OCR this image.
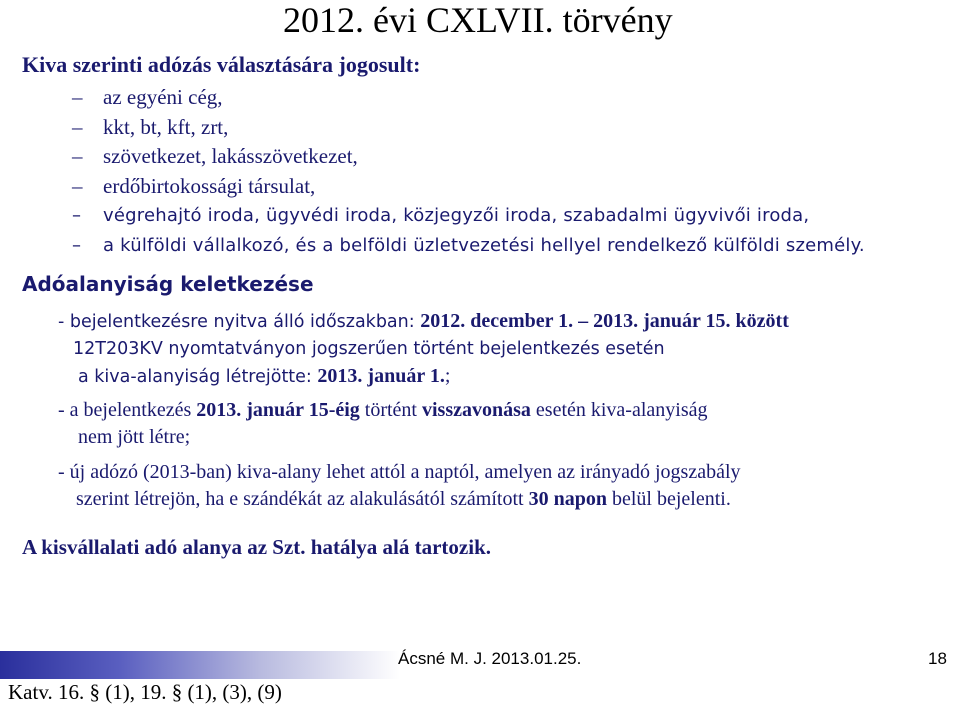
2012. évi CXLVII. törvény
Kiva szerinti adózás választására jogosult:
– az egyéni cég,
– kkt, bt, kft, zrt,
– szövetkezet, lakásszövetkezet,
– erdőbirtokossági társulat,
– végrehajtó iroda, ügyvédi iroda, közjegyzői iroda, szabadalmi ügyvivői iroda,
– a külföldi vállalkozó, és a belföldi üzletvezetési hellyel rendelkező külföldi személy.
Adóalanyiság keletkezése
- bejelentkezésre nyitva álló időszakban: 2012. december 1. – 2013. január 15. között
12T203KV nyomtatványon jogszerűen történt bejelentkezés esetén
a kiva-alanyiság létrejötte: 2013. január 1.;
- a bejelentkezés 2013. január 15-éig történt visszavonása esetén kiva-alanyiság
nem jött létre;
- új adózó (2013-ban) kiva-alany lehet attól a naptól, amelyen az irányadó jogszabály
szerint létrejön, ha e szándékát az alakulásától számított 30 napon belül bejelenti.
A kisvállalati adó alanya az Szt. hatálya alá tartozik.
Ácsné M. J. 2013.01.25.	18
Katv. 16. § (1), 19. § (1), (3), (9)
